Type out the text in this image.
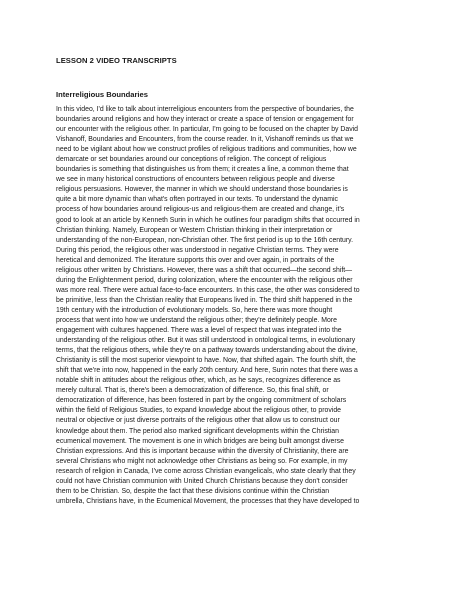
LESSON 2 VIDEO TRANSCRIPTS
Interreligious Boundaries
In this video, I'd like to talk about interreligious encounters from the perspective of boundaries, the
boundaries around religions and how they interact or create a space of tension or engagement for
our encounter with the religious other. In particular, I'm going to be focused on the chapter by David
Vishanoff, Boundaries and Encounters, from the course reader. In it, Vishanoff reminds us that we
need to be vigilant about how we construct profiles of religious traditions and communities, how we
demarcate or set boundaries around our conceptions of religion. The concept of religious
boundaries is something that distinguishes us from them; it creates a line, a common theme that
we see in many historical constructions of encounters between religious people and diverse
religious persuasions. However, the manner in which we should understand those boundaries is
quite a bit more dynamic than what's often portrayed in our texts. To understand the dynamic
process of how boundaries around religious-us and religious-them are created and change, it's
good to look at an article by Kenneth Surin in which he outlines four paradigm shifts that occurred in
Christian thinking. Namely, European or Western Christian thinking in their interpretation or
understanding of the non-European, non-Christian other. The first period is up to the 16th century.
During this period, the religious other was understood in negative Christian terms. They were
heretical and demonized. The literature supports this over and over again, in portraits of the
religious other written by Christians. However, there was a shift that occurred—the second shift—
during the Enlightenment period, during colonization, where the encounter with the religious other
was more real. There were actual face-to-face encounters. In this case, the other was considered to
be primitive, less than the Christian reality that Europeans lived in. The third shift happened in the
19th century with the introduction of evolutionary models. So, here there was more thought
process that went into how we understand the religious other; they're definitely people. More
engagement with cultures happened. There was a level of respect that was integrated into the
understanding of the religious other. But it was still understood in ontological terms, in evolutionary
terms, that the religious others, while they're on a pathway towards understanding about the divine,
Christianity is still the most superior viewpoint to have. Now, that shifted again. The fourth shift, the
shift that we're into now, happened in the early 20th century. And here, Surin notes that there was a
notable shift in attitudes about the religious other, which, as he says, recognizes difference as
merely cultural. That is, there's been a democratization of difference. So, this final shift, or
democratization of difference, has been fostered in part by the ongoing commitment of scholars
within the field of Religious Studies, to expand knowledge about the religious other, to provide
neutral or objective or just diverse portraits of the religious other that allow us to construct our
knowledge about them. The period also marked significant developments within the Christian
ecumenical movement. The movement is one in which bridges are being built amongst diverse
Christian expressions. And this is important because within the diversity of Christianity, there are
several Christians who might not acknowledge other Christians as being so. For example, in my
research of religion in Canada, I've come across Christian evangelicals, who state clearly that they
could not have Christian communion with United Church Christians because they don't consider
them to be Christian. So, despite the fact that these divisions continue within the Christian
umbrella, Christians have, in the Ecumenical Movement, the processes that they have developed to
